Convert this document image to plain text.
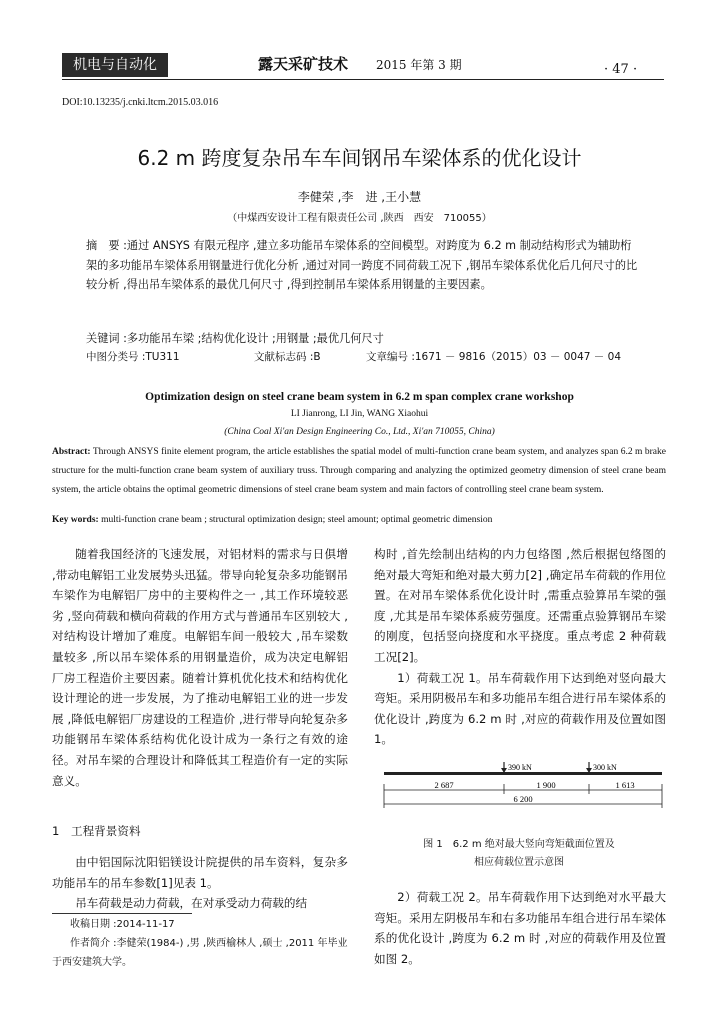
机电与自动化	露天采矿技术 2015 年第 3 期	· 47 ·
DOI:10.13235/j.cnki.ltcm.2015.03.016
6.2 m 跨度复杂吊车车间钢吊车梁体系的优化设计
李健荣 ,李　进 ,王小慧
（中煤西安设计工程有限责任公司 ,陕西　西安　710055）
摘　要 :通过 ANSYS 有限元程序 ,建立多功能吊车梁体系的空间模型。对跨度为 6.2 m 制动结构形式为辅助桁架的多功能吊车梁体系用钢量进行优化分析 ,通过对同一跨度不同荷载工况下 ,钢吊车梁体系优化后几何尺寸的比较分析 ,得出吊车梁体系的最优几何尺寸 ,得到控制吊车梁体系用钢量的主要因素。
关键词 :多功能吊车梁 ;结构优化设计 ;用钢量 ;最优几何尺寸
中图分类号 :TU311	文献标志码 :B	文章编号 :1671 － 9816（2015）03 － 0047 － 04
Optimization design on steel crane beam system in 6.2 m span complex crane workshop
LI Jianrong, LI Jin, WANG Xiaohui
(China Coal Xi'an Design Engineering Co., Ltd., Xi'an 710055, China)
Abstract: Through ANSYS finite element program, the article establishes the spatial model of multi-function crane beam system, and analyzes span 6.2 m brake structure for the multi-function crane beam system of auxiliary truss. Through comparing and analyzing the optimized geometry dimension of steel crane beam system, the article obtains the optimal geometric dimensions of steel crane beam system and main factors of controlling steel crane beam system.
Key words: multi-function crane beam ; structural optimization design; steel amount; optimal geometric dimension

随着我国经济的飞速发展，对铝材料的需求与日俱增 ,带动电解铝工业发展势头迅猛。带导向轮复杂多功能钢吊车梁作为电解铝厂房中的主要构件之一 ,其工作环境较恶劣 ,竖向荷载和横向荷载的作用方式与普通吊车区别较大 ,对结构设计增加了难度。电解铝车间一般较大 ,吊车梁数量较多 ,所以吊车梁体系的用钢量造价，成为决定电解铝厂房工程造价主要因素。随着计算机优化技术和结构优化设计理论的进一步发展，为了推动电解铝工业的进一步发展 ,降低电解铝厂房建设的工程造价 ,进行带导向轮复杂多功能钢吊车梁体系结构优化设计成为一条行之有效的途径。对吊车梁的合理设计和降低其工程造价有一定的实际意义。

1　工程背景资料

由中铝国际沈阳铝镁设计院提供的吊车资料，复杂多功能吊车的吊车参数[1]见表 1。

吊车荷载是动力荷载，在对承受动力荷载的结

构时 ,首先绘制出结构的内力包络图 ,然后根据包络图的绝对最大弯矩和绝对最大剪力[2] ,确定吊车荷载的作用位置。在对吊车梁体系优化设计时 ,需重点验算吊车梁的强度 ,尤其是吊车梁体系疲劳强度。还需重点验算钢吊车梁的刚度，包括竖向挠度和水平挠度。重点考虑 2 种荷载工况[2]。

1）荷载工况 1。吊车荷载作用下达到绝对竖向最大弯矩。采用阴极吊车和多功能吊车组合进行吊车梁体系的优化设计 ,跨度为 6.2 m 时 ,对应的荷载作用及位置如图 1。

390 kN	300 kN
2 687	1 900	1 613
6 200
图 1　6.2 m 绝对最大竖向弯矩截面位置及
相应荷载位置示意图

2）荷载工况 2。吊车荷载作用下达到绝对水平最大弯矩。采用左阴极吊车和右多功能吊车组合进行吊车梁体系的优化设计 ,跨度为 6.2 m 时 ,对应的荷载作用及位置如图 2。

收稿日期 :2014-11-17
作者简介 :李健荣(1984-) ,男 ,陕西榆林人 ,硕士 ,2011 年毕业于西安建筑大学。
